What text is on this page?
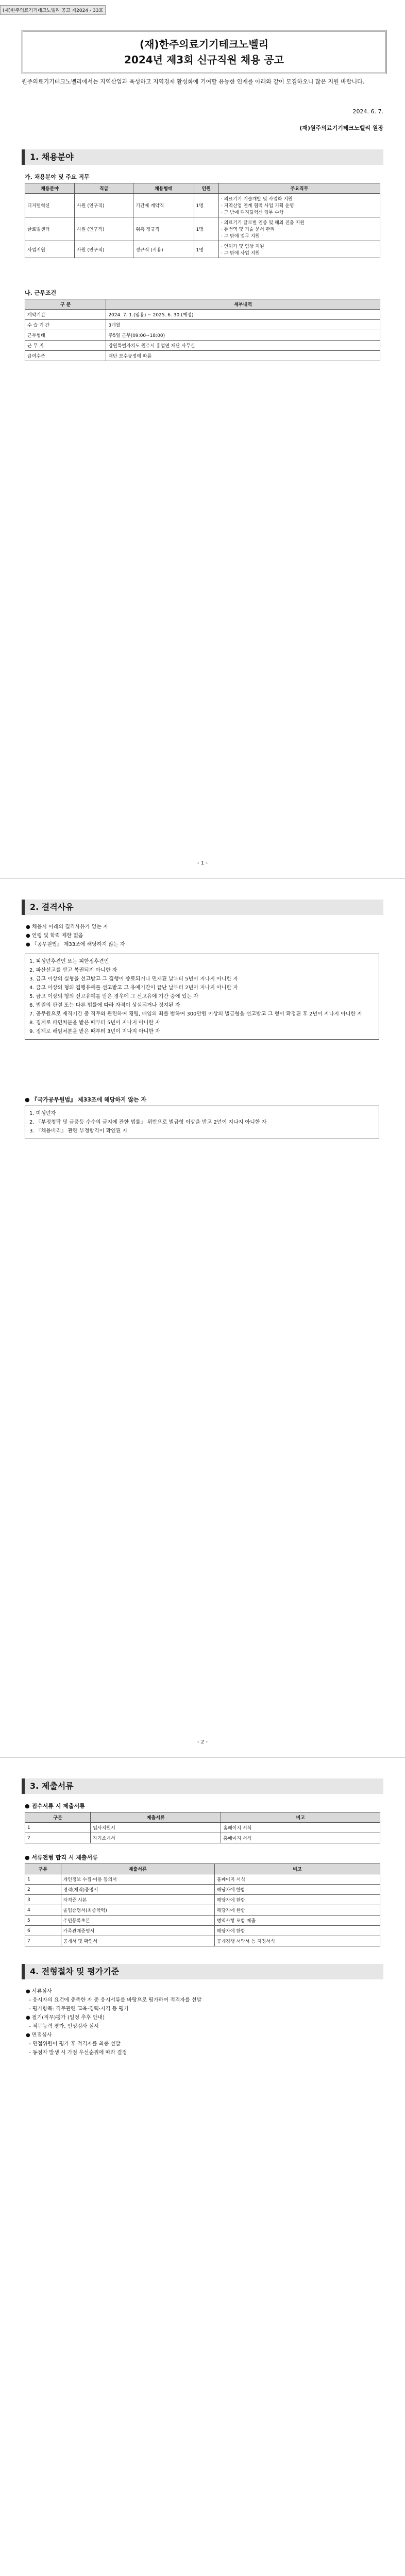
(재)한주의료기기테크노벨리 공고 제2024 - 33호
(재)한주의료기기테크노벨리
2024년 제3회 신규직원 채용 공고
원주의료기기테크노벨리에서는 지역산업과 육성하고 지역경제 활성화에 기여할 유능한 인재를 아래와 같이 모집하오니 많은 지원 바랍니다.
2024. 6. 7.
(재)원주의료기기테크노벨리 원장
1. 채용분야
가. 채용분야 및 주요 직무
채용분야	직급	채용형태	인원	주요직무
디지털혁신	사원 (연구직)	기간제 계약직	1명	· 의료기기 기술개발 및 사업화 지원
· 지역산업 연계 협력 사업 기획 운영
· 그 밖에 디지털혁신 업무 수행
글로벌센터	사원 (연구직)	위촉 정규직	1명	· 의료기기 글로벌 인증 및 해외 진출 지원
· 통번역 및 기술 문서 관리
· 그 밖에 업무 지원
사업지원	사원 (연구직)	정규직 (시용)	1명	· 인허가 및 임상 지원
· 그 밖에 사업 지원
나. 근무조건
구 분	세부내역
계약기간	2024. 7. 1.(임용) ~ 2025. 6. 30.(예정)
수 습 기 간	3개월
근무형태	주5일 근무(09:00~18:00)
근 무 지	강원특별자치도 원주시 흥업면 재단 사무실
급여수준	재단 보수규정에 따름
- 1 -
2. 결격사유
● 채용시 아래의 결격사유가 없는 자
● 연령 및 학력 제한 없음
● 『공무원법』 제33조에 해당하지 않는 자
1. 피성년후견인 또는 피한정후견인
2. 파산선고를 받고 복권되지 아니한 자
3. 금고 이상의 실형을 선고받고 그 집행이 종료되거나 면제된 날부터 5년이 지나지 아니한 자
4. 금고 이상의 형의 집행유예를 선고받고 그 유예기간이 끝난 날부터 2년이 지나지 아니한 자
5. 금고 이상의 형의 선고유예를 받은 경우에 그 선고유예 기간 중에 있는 자
6. 법원의 판결 또는 다른 법률에 따라 자격이 상실되거나 정지된 자
7. 공무원으로 재직기간 중 직무와 관련하여 횡령, 배임의 죄를 범하여 300만원 이상의 벌금형을 선고받고 그 형이 확정된 후 2년이 지나지 아니한 자
8. 징계로 파면처분을 받은 때부터 5년이 지나지 아니한 자
9. 징계로 해임처분을 받은 때부터 3년이 지나지 아니한 자
● 『국가공무원법』 제33조에 해당하지 않는 자
1. 미성년자
2. 『부정청탁 및 금품등 수수의 금지에 관한 법률』 위반으로 벌금형 이상을 받고 2년이 지나지 아니한 자
3. 『채용비리』 관련 부정합격이 확인된 자
- 2 -
3. 제출서류
● 접수서류 시 제출서류
구분	제출서류	비고
1	입사지원서	홈페이지 서식
2	자기소개서	홈페이지 서식
● 서류전형 합격 시 제출서류
구분	제출서류	비고
1	개인정보 수집·이용 동의서	홈페이지 서식
2	경력(재직)증명서	해당자에 한함
3	자격증 사본	해당자에 한함
4	졸업증명서(최종학력)	해당자에 한함
5	주민등록초본	병역사항 포함 제출
6	가족관계증명서	해당자에 한함
7	공개서 및 확인서	공개경쟁 서약서 등 지정서식
4. 전형절차 및 평가기준
● 서류심사
- 응시자의 요건에 충족한 자 중 응시서류를 바탕으로 평가하여 적격자를 선발
- 평가항목: 직무관련 교육·경력·자격 등 평가
● 필기(직무)평가 (일정 추후 안내)
- 직무능력 평가, 인성검사 실시
● 면접심사
- 면접위원이 평가 후 적격자를 최종 선발
- 동점자 발생 시 가점 우선순위에 따라 결정
